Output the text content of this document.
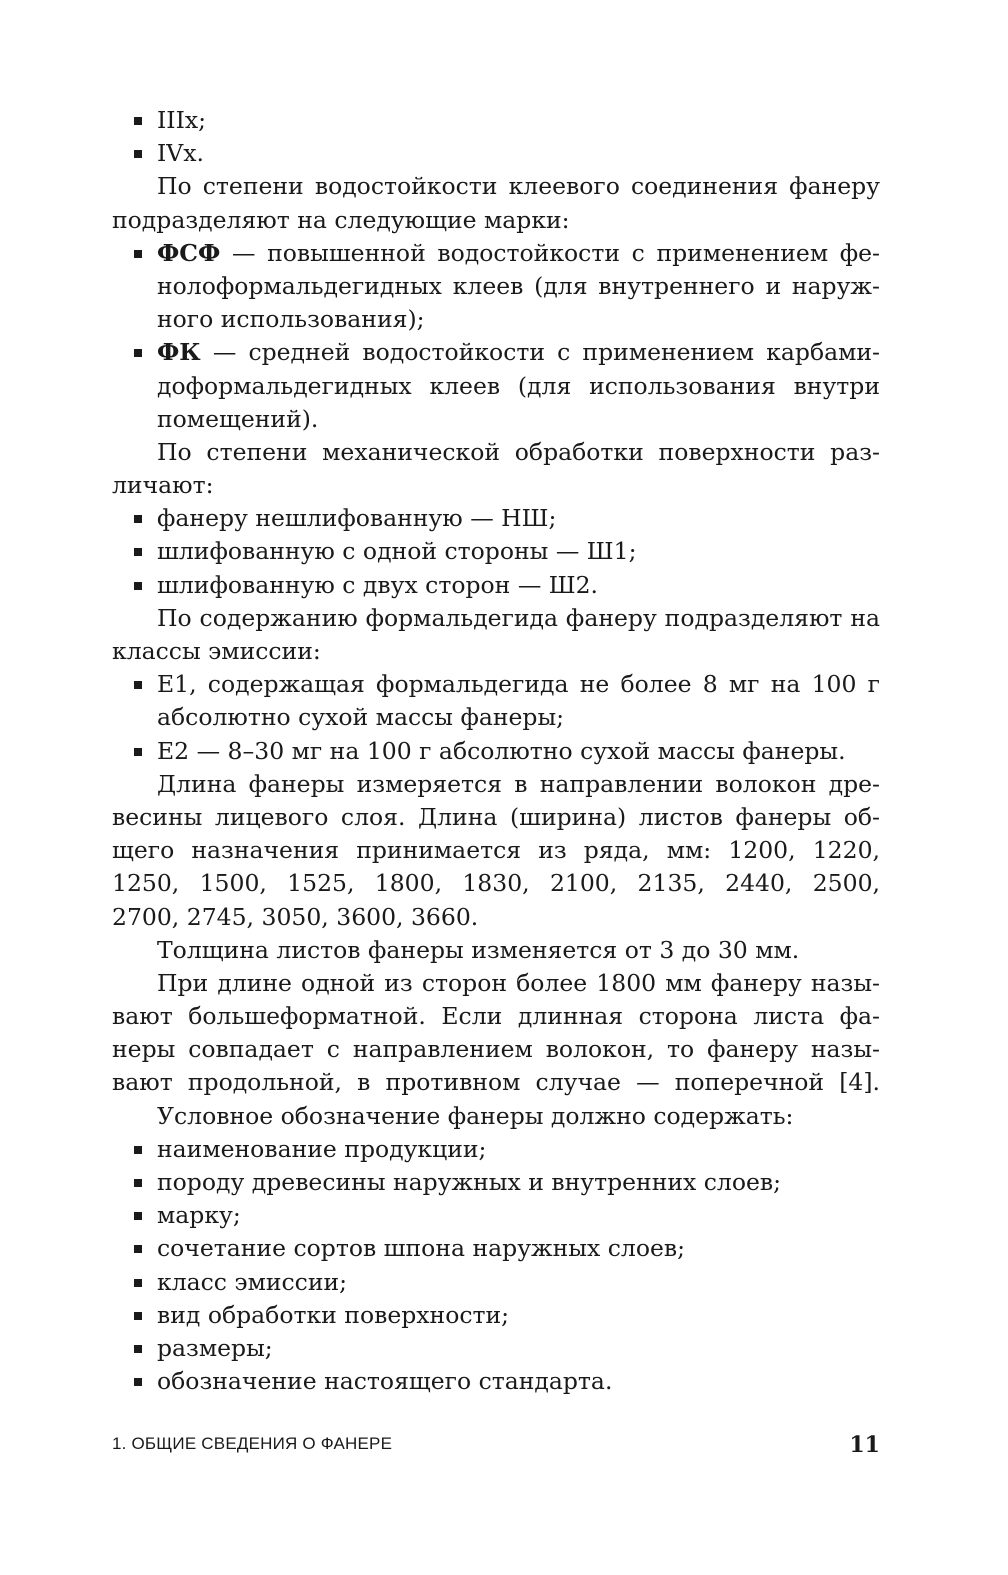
IIIx;
IVx.
По степени водостойкости клеевого соединения фанеру
подразделяют на следующие марки:
ФСФ — повышенной водостойкости с применением фе-
нолоформальдегидных клеев (для внутреннего и наруж-
ного использования);
ФК — средней водостойкости с применением карбами-
доформальдегидных клеев (для использования внутри
помещений).
По степени механической обработки поверхности раз-
личают:
фанеру нешлифованную — НШ;
шлифованную с одной стороны — Ш1;
шлифованную с двух сторон — Ш2.
По содержанию формальдегида фанеру подразделяют на
классы эмиссии:
Е1, содержащая формальдегида не более 8 мг на 100 г
абсолютно сухой массы фанеры;
Е2 — 8–30 мг на 100 г абсолютно сухой массы фанеры.
Длина фанеры измеряется в направлении волокон дре-
весины лицевого слоя. Длина (ширина) листов фанеры об-
щего назначения принимается из ряда, мм: 1200, 1220,
1250, 1500, 1525, 1800, 1830, 2100, 2135, 2440, 2500,
2700, 2745, 3050, 3600, 3660.
Толщина листов фанеры изменяется от 3 до 30 мм.
При длине одной из сторон более 1800 мм фанеру назы-
вают большеформатной. Если длинная сторона листа фа-
неры совпадает с направлением волокон, то фанеру назы-
вают продольной, в противном случае — поперечной [4].
Условное обозначение фанеры должно содержать:
наименование продукции;
породу древесины наружных и внутренних слоев;
марку;
сочетание сортов шпона наружных слоев;
класс эмиссии;
вид обработки поверхности;
размеры;
обозначение настоящего стандарта.
1. ОБЩИЕ СВЕДЕНИЯ О ФАНЕРЕ	11
